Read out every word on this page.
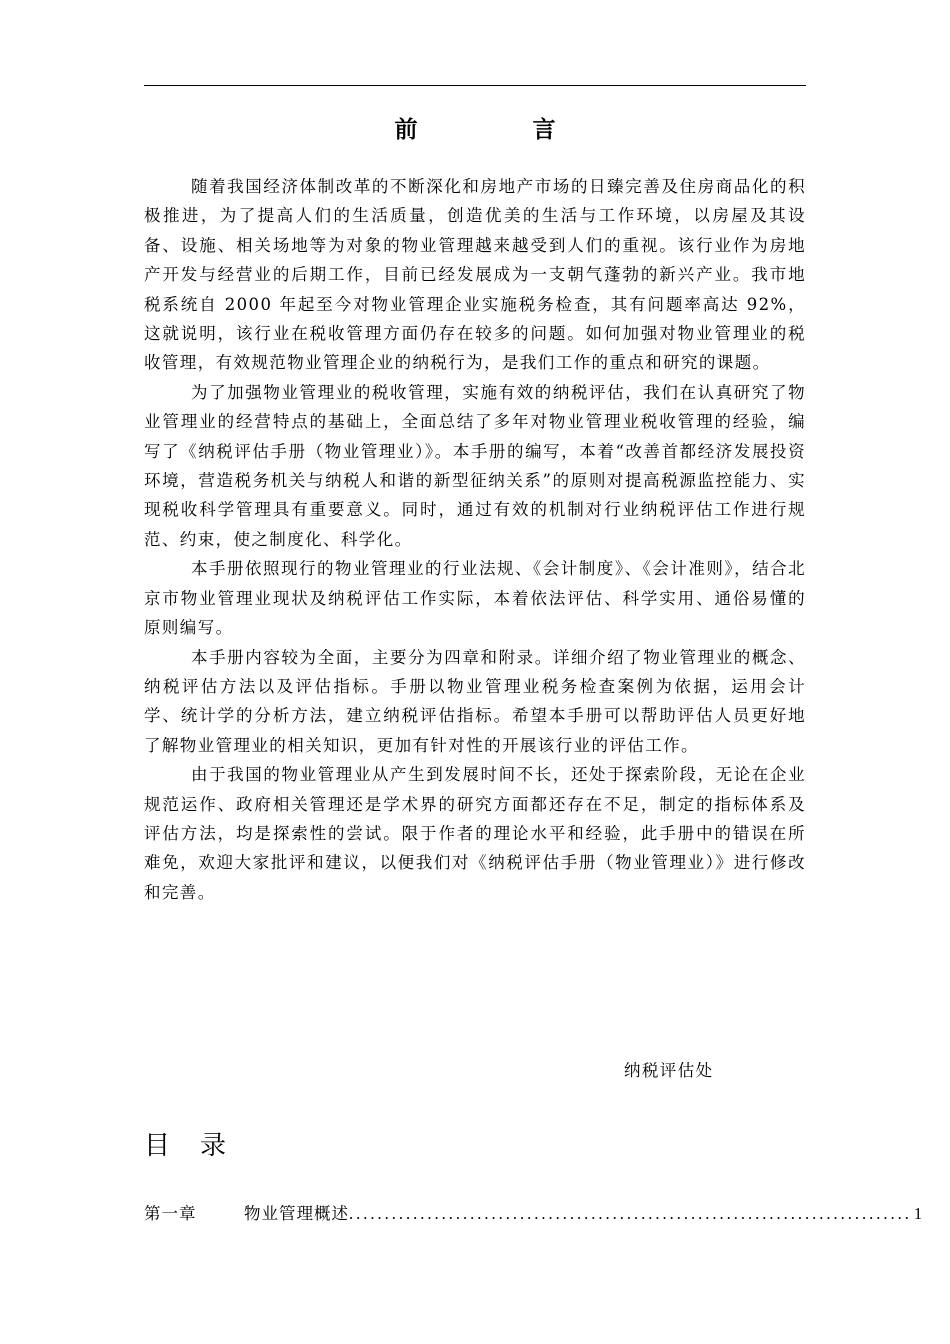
前　言

随着我国经济体制改革的不断深化和房地产市场的日臻完善及住房商品化的积极推进，为了提高人们的生活质量，创造优美的生活与工作环境，以房屋及其设备、设施、相关场地等为对象的物业管理越来越受到人们的重视。该行业作为房地产开发与经营业的后期工作，目前已经发展成为一支朝气蓬勃的新兴产业。我市地税系统自 2000 年起至今对物业管理企业实施税务检查，其有问题率高达 92%，这就说明，该行业在税收管理方面仍存在较多的问题。如何加强对物业管理业的税收管理，有效规范物业管理企业的纳税行为，是我们工作的重点和研究的课题。

为了加强物业管理业的税收管理，实施有效的纳税评估，我们在认真研究了物业管理业的经营特点的基础上，全面总结了多年对物业管理业税收管理的经验，编写了《纳税评估手册（物业管理业）》。本手册的编写，本着“改善首都经济发展投资环境，营造税务机关与纳税人和谐的新型征纳关系”的原则对提高税源监控能力、实现税收科学管理具有重要意义。同时，通过有效的机制对行业纳税评估工作进行规范、约束，使之制度化、科学化。

本手册依照现行的物业管理业的行业法规、《会计制度》、《会计准则》，结合北京市物业管理业现状及纳税评估工作实际，本着依法评估、科学实用、通俗易懂的原则编写。

本手册内容较为全面，主要分为四章和附录。详细介绍了物业管理业的概念、纳税评估方法以及评估指标。手册以物业管理业税务检查案例为依据，运用会计学、统计学的分析方法，建立纳税评估指标。希望本手册可以帮助评估人员更好地了解物业管理业的相关知识，更加有针对性的开展该行业的评估工作。

由于我国的物业管理业从产生到发展时间不长，还处于探索阶段，无论在企业规范运作、政府相关管理还是学术界的研究方面都还存在不足，制定的指标体系及评估方法，均是探索性的尝试。限于作者的理论水平和经验，此手册中的错误在所难免，欢迎大家批评和建议，以便我们对《纳税评估手册（物业管理业）》进行修改和完善。

纳税评估处
目　录
第一章	物业管理概述 ............................................................................... 1
